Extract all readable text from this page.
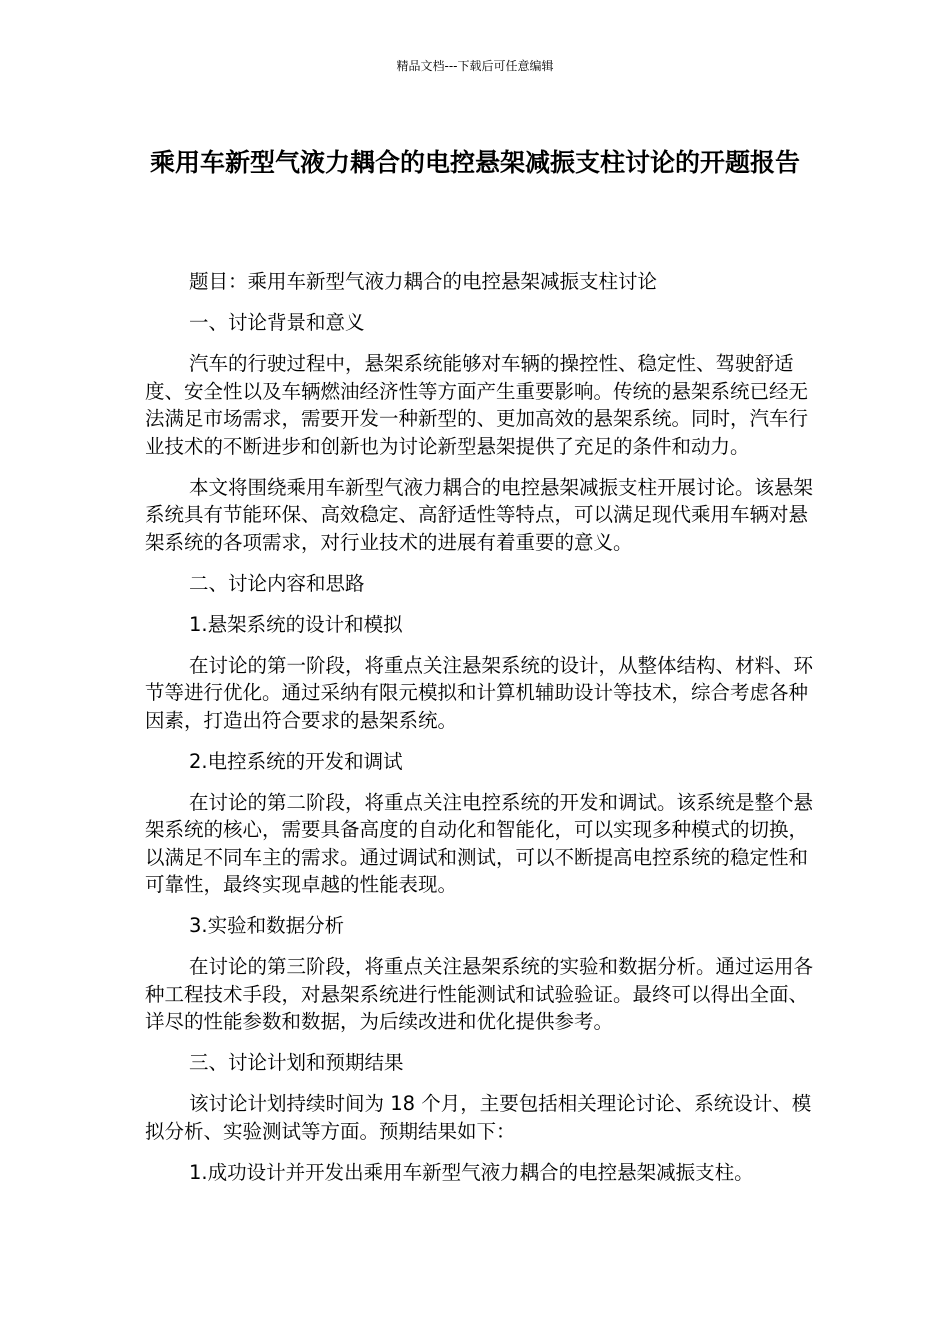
精品文档---下载后可任意编辑
乘用车新型气液力耦合的电控悬架减振支柱讨论的开题报告

题目：乘用车新型气液力耦合的电控悬架减振支柱讨论

一、讨论背景和意义

汽车的行驶过程中，悬架系统能够对车辆的操控性、稳定性、驾驶舒适度、安全性以及车辆燃油经济性等方面产生重要影响。传统的悬架系统已经无法满足市场需求，需要开发一种新型的、更加高效的悬架系统。同时，汽车行业技术的不断进步和创新也为讨论新型悬架提供了充足的条件和动力。

本文将围绕乘用车新型气液力耦合的电控悬架减振支柱开展讨论。该悬架系统具有节能环保、高效稳定、高舒适性等特点，可以满足现代乘用车辆对悬架系统的各项需求，对行业技术的进展有着重要的意义。

二、讨论内容和思路

1.悬架系统的设计和模拟

在讨论的第一阶段，将重点关注悬架系统的设计，从整体结构、材料、环节等进行优化。通过采纳有限元模拟和计算机辅助设计等技术，综合考虑各种因素，打造出符合要求的悬架系统。

2.电控系统的开发和调试

在讨论的第二阶段，将重点关注电控系统的开发和调试。该系统是整个悬架系统的核心，需要具备高度的自动化和智能化，可以实现多种模式的切换，以满足不同车主的需求。通过调试和测试，可以不断提高电控系统的稳定性和可靠性，最终实现卓越的性能表现。

3.实验和数据分析

在讨论的第三阶段，将重点关注悬架系统的实验和数据分析。通过运用各种工程技术手段，对悬架系统进行性能测试和试验验证。最终可以得出全面、详尽的性能参数和数据，为后续改进和优化提供参考。

三、讨论计划和预期结果

该讨论计划持续时间为 18 个月，主要包括相关理论讨论、系统设计、模拟分析、实验测试等方面。预期结果如下：

1.成功设计并开发出乘用车新型气液力耦合的电控悬架减振支柱。
